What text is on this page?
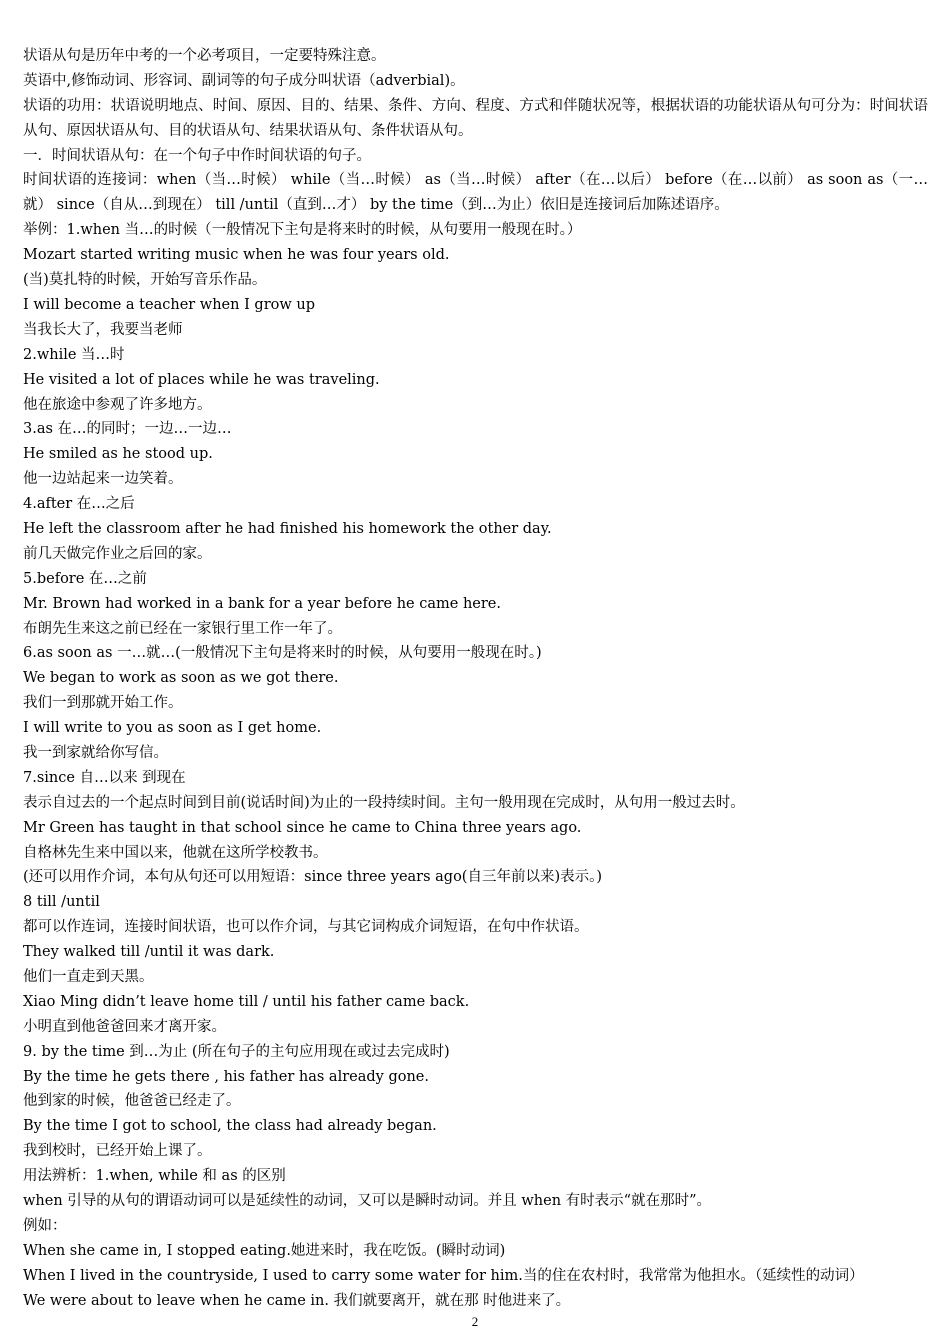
状语从句是历年中考的一个必考项目，一定要特殊注意。
英语中,修饰动词、形容词、副词等的句子成分叫状语（adverbial)。
状语的功用：状语说明地点、时间、原因、目的、结果、条件、方向、程度、方式和伴随状况等，根据状语的功能状语从句可分为：时间状语从句、原因状语从句、目的状语从句、结果状语从句、条件状语从句。
一．时间状语从句：在一个句子中作时间状语的句子。
时间状语的连接词：when（当…时候） while（当…时候） as（当…时候） after（在…以后） before（在…以前） as soon as（一…就） since（自从…到现在） till /until（直到…才） by the time（到…为止）依旧是连接词后加陈述语序。
举例：1.when 当…的时候（一般情况下主句是将来时的时候，从句要用一般现在时。）
Mozart started writing music when he was four years old.
(当)莫扎特的时候，开始写音乐作品。
I will become a teacher when I grow up
当我长大了，我要当老师
2.while 当…时
He visited a lot of places while he was traveling.
他在旅途中参观了许多地方。
3.as 在…的同时；一边…一边…
He smiled as he stood up.
他一边站起来一边笑着。
4.after 在…之后
He left the classroom after he had finished his homework the other day.
前几天做完作业之后回的家。
5.before 在…之前
Mr. Brown had worked in a bank for a year before he came here.
布朗先生来这之前已经在一家银行里工作一年了。
6.as soon as 一…就…(一般情况下主句是将来时的时候，从句要用一般现在时。)
We began to work as soon as we got there.
我们一到那就开始工作。
I will write to you as soon as I get home.
我一到家就给你写信。
7.since 自…以来 到现在
表示自过去的一个起点时间到目前(说话时间)为止的一段持续时间。主句一般用现在完成时，从句用一般过去时。
Mr Green has taught in that school since he came to China three years ago.
自格林先生来中国以来，他就在这所学校教书。
(还可以用作介词，本句从句还可以用短语：since three years ago(自三年前以来)表示。)
8 till /until
都可以作连词，连接时间状语，也可以作介词，与其它词构成介词短语，在句中作状语。
They walked till /until it was dark.
他们一直走到天黑。
Xiao Ming didn’t leave home till / until his father came back.
小明直到他爸爸回来才离开家。
9. by the time 到…为止 (所在句子的主句应用现在或过去完成时)
By the time he gets there , his father has already gone.
他到家的时候，他爸爸已经走了。
By the time I got to school, the class had already began.
我到校时，已经开始上课了。
用法辨析：1.when, while 和 as 的区别
when 引导的从句的谓语动词可以是延续性的动词，又可以是瞬时动词。并且 when 有时表示“就在那时”。
例如：
When she came in, I stopped eating.她进来时，我在吃饭。(瞬时动词)
When I lived in the countryside, I used to carry some water for him.当的住在农村时，我常常为他担水。（延续性的动词）
We were about to leave when he came in. 我们就要离开，就在那 时他进来了。
2
